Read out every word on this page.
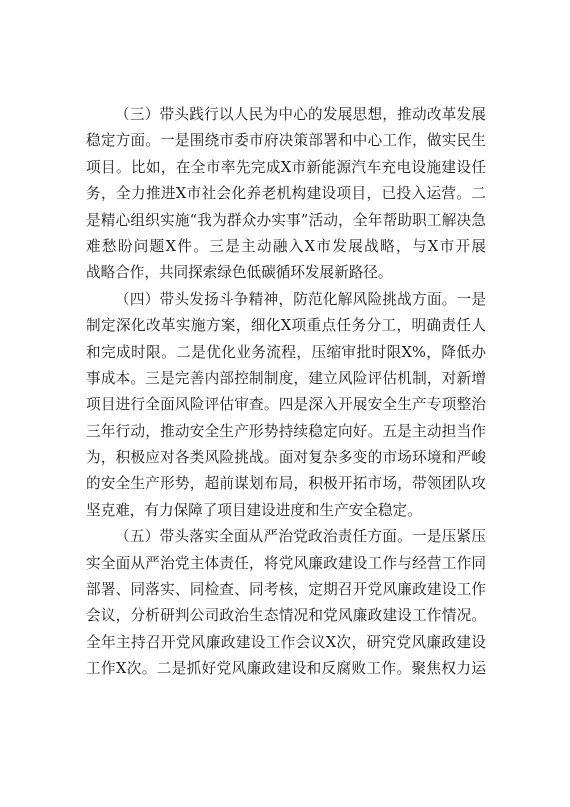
（三）带头践行以人民为中心的发展思想，推动改革发展
稳定方面。一是围绕市委市府决策部署和中心工作，做实民生
项目。比如，在全市率先完成X市新能源汽车充电设施建设任
务，全力推进X市社会化养老机构建设项目，已投入运营。二
是精心组织实施“我为群众办实事”活动，全年帮助职工解决急
难愁盼问题X件。三是主动融入X市发展战略，与X市开展
战略合作，共同探索绿色低碳循环发展新路径。
（四）带头发扬斗争精神，防范化解风险挑战方面。一是
制定深化改革实施方案，细化X项重点任务分工，明确责任人
和完成时限。二是优化业务流程，压缩审批时限X%，降低办
事成本。三是完善内部控制制度，建立风险评估机制，对新增
项目进行全面风险评估审查。四是深入开展安全生产专项整治
三年行动，推动安全生产形势持续稳定向好。五是主动担当作
为，积极应对各类风险挑战。面对复杂多变的市场环境和严峻
的安全生产形势，超前谋划布局，积极开拓市场，带领团队攻
坚克难，有力保障了项目建设进度和生产安全稳定。
（五）带头落实全面从严治党政治责任方面。一是压紧压
实全面从严治党主体责任，将党风廉政建设工作与经营工作同
部署、同落实、同检查、同考核，定期召开党风廉政建设工作
会议，分析研判公司政治生态情况和党风廉政建设工作情况。
全年主持召开党风廉政建设工作会议X次，研究党风廉政建设
工作X次。二是抓好党风廉政建设和反腐败工作。聚焦权力运
